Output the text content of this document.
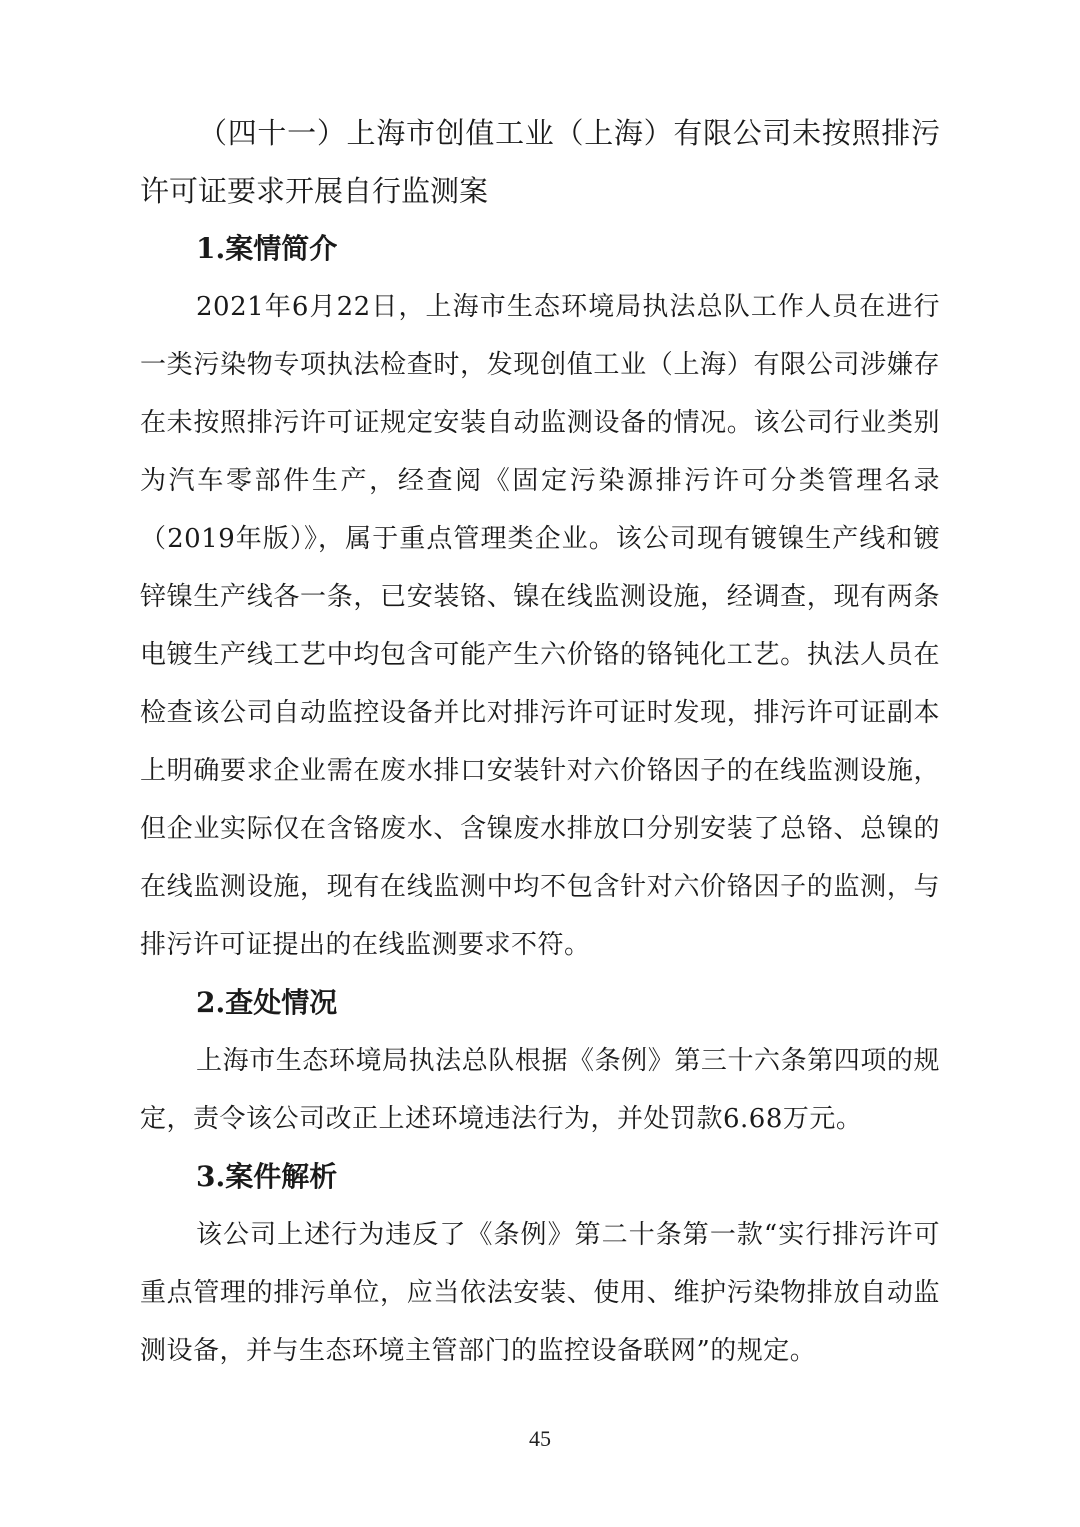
（四十一）上海市创值工业（上海）有限公司未按照排污许可证要求开展自行监测案
1.案情简介

2021年6月22日，上海市生态环境局执法总队工作人员在进行一类污染物专项执法检查时，发现创值工业（上海）有限公司涉嫌存在未按照排污许可证规定安装自动监测设备的情况。该公司行业类别为汽车零部件生产，经查阅《固定污染源排污许可分类管理名录（2019年版）》，属于重点管理类企业。该公司现有镀镍生产线和镀锌镍生产线各一条，已安装铬、镍在线监测设施，经调查，现有两条电镀生产线工艺中均包含可能产生六价铬的铬钝化工艺。执法人员在检查该公司自动监控设备并比对排污许可证时发现，排污许可证副本上明确要求企业需在废水排口安装针对六价铬因子的在线监测设施，但企业实际仅在含铬废水、含镍废水排放口分别安装了总铬、总镍的在线监测设施，现有在线监测中均不包含针对六价铬因子的监测，与排污许可证提出的在线监测要求不符。

2.查处情况

上海市生态环境局执法总队根据《条例》第三十六条第四项的规定，责令该公司改正上述环境违法行为，并处罚款6.68万元。

3.案件解析

该公司上述行为违反了《条例》第二十条第一款“实行排污许可重点管理的排污单位，应当依法安装、使用、维护污染物排放自动监测设备，并与生态环境主管部门的监控设备联网”的规定。

45
